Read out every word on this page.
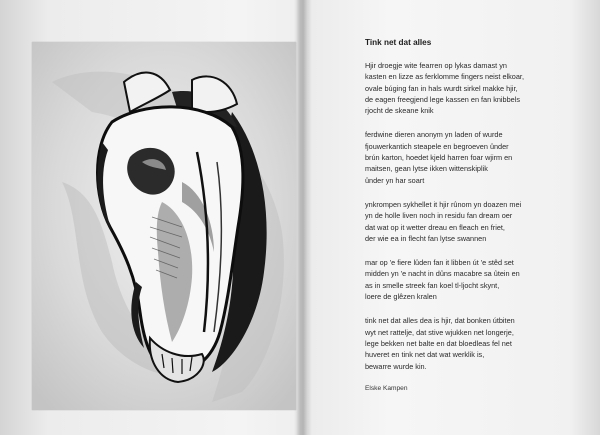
Tink net dat alles
Hjir droegje wite fearren op lykas damast yn
kasten en lizze as ferklomme fingers neist elkoar,
ovale búging fan in hals wurdt sirkel makke hjir,
de eagen freegjend lege kassen en fan knibbels
rjocht de skeane knik
ferdwine dieren anonym yn laden of wurde
fjouwerkantich steapele en begroeven ûnder
brún karton, hoedet kjeld harren foar wjirm en
maitsen, gean lytse ikken wittenskiplik
ûnder yn har soart
ynkrompen sykhellet it hjir rûnom yn doazen mei
yn de holle liven noch in residu fan dream oer
dat wat op it wetter dreau en fleach en friet,
der wie ea in flecht fan lytse swannen
mar op 'e fiere lûden fan it libben út 'e stêd set
midden yn 'e nacht in dûns macabre sa ûtein en
as in smelle streek fan koel tl-ljocht skynt,
loere de glêzen kralen
tink net dat alles dea is hjir, dat bonken útbiten
wyt net rattelje, dat stive wjukken net longerje,
lege bekken net balte en dat bloedleas fel net
huveret en tink net dat wat werklik is,
bewarre wurde kin.
Elske Kampen
